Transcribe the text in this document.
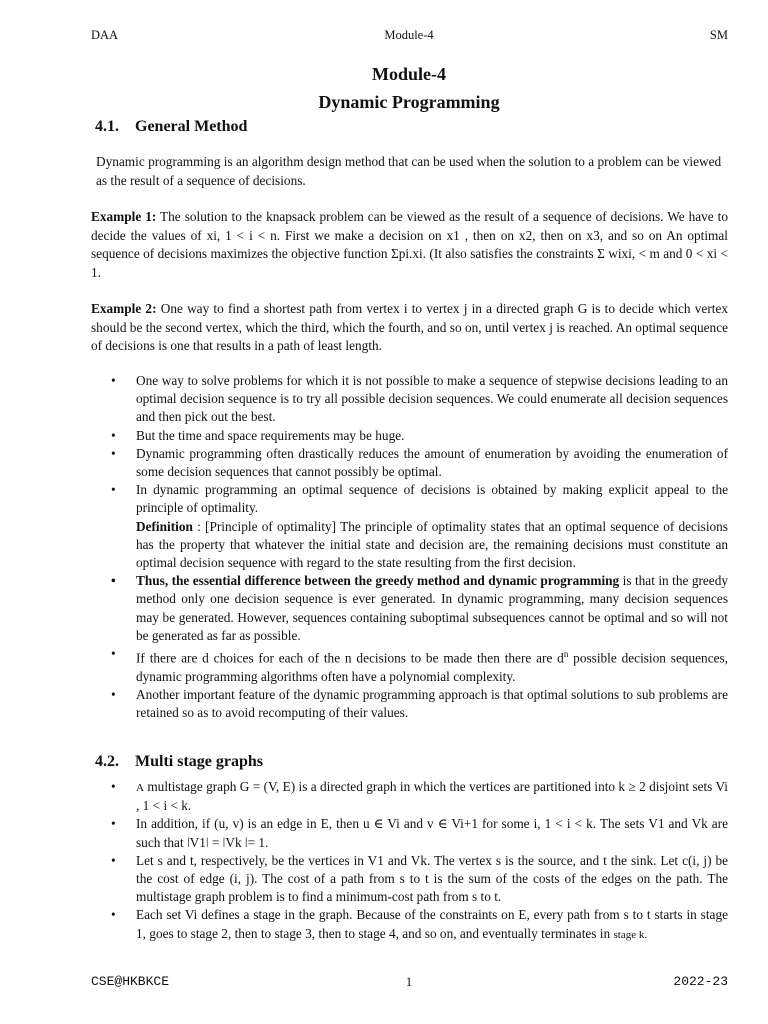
DAA	Module-4	SM
Module-4
Dynamic Programming
4.1. General Method
Dynamic programming is an algorithm design method that can be used when the solution to a problem can be viewed as the result of a sequence of decisions.
Example 1: The solution to the knapsack problem can be viewed as the result of a sequence of decisions. We have to decide the values of xi, 1 < i < n. First we make a decision on x1 , then on x2, then on x3, and so on An optimal sequence of decisions maximizes the objective function Σpi.xi. (It also satisfies the constraints Σ wixi, < m and 0 < xi < 1.
Example 2: One way to find a shortest path from vertex i to vertex j in a directed graph G is to decide which vertex should be the second vertex, which the third, which the fourth, and so on, until vertex j is reached. An optimal sequence of decisions is one that results in a path of least length.
• One way to solve problems for which it is not possible to make a sequence of stepwise decisions leading to an optimal decision sequence is to try all possible decision sequences. We could enumerate all decision sequences and then pick out the best.
• But the time and space requirements may be huge.
• Dynamic programming often drastically reduces the amount of enumeration by avoiding the enumeration of some decision sequences that cannot possibly be optimal.
• In dynamic programming an optimal sequence of decisions is obtained by making explicit appeal to the principle of optimality.
Definition : [Principle of optimality] The principle of optimality states that an optimal sequence of decisions has the property that whatever the initial state and decision are, the remaining decisions must constitute an optimal decision sequence with regard to the state resulting from the first decision.
• Thus, the essential difference between the greedy method and dynamic programming is that in the greedy method only one decision sequence is ever generated. In dynamic programming, many decision sequences may be generated. However, sequences containing suboptimal subsequences cannot be optimal and so will not be generated as far as possible.
• If there are d choices for each of the n decisions to be made then there are $d^n$ possible decision sequences, dynamic programming algorithms often have a polynomial complexity.
• Another important feature of the dynamic programming approach is that optimal solutions to sub problems are retained so as to avoid recomputing of their values.
4.2. Multi stage graphs
• A multistage graph G = (V, E) is a directed graph in which the vertices are partitioned into k ≥ 2 disjoint sets Vi , 1 < i < k.
• In addition, if (u, v) is an edge in E, then u ∈ Vi and v ∈ Vi+1 for some i, 1 < i < k. The sets V1 and Vk are such that ǀV1ǀ = ǀVk ǀ= 1.
• Let s and t, respectively, be the vertices in V1 and Vk. The vertex s is the source, and t the sink. Let c(i, j) be the cost of edge (i, j). The cost of a path from s to t is the sum of the costs of the edges on the path. The multistage graph problem is to find a minimum-cost path from s to t.
• Each set Vi defines a stage in the graph. Because of the constraints on E, every path from s to t starts in stage 1, goes to stage 2, then to stage 3, then to stage 4, and so on, and eventually terminates in stage k.
CSE@HKBKCE	1	2022-23
